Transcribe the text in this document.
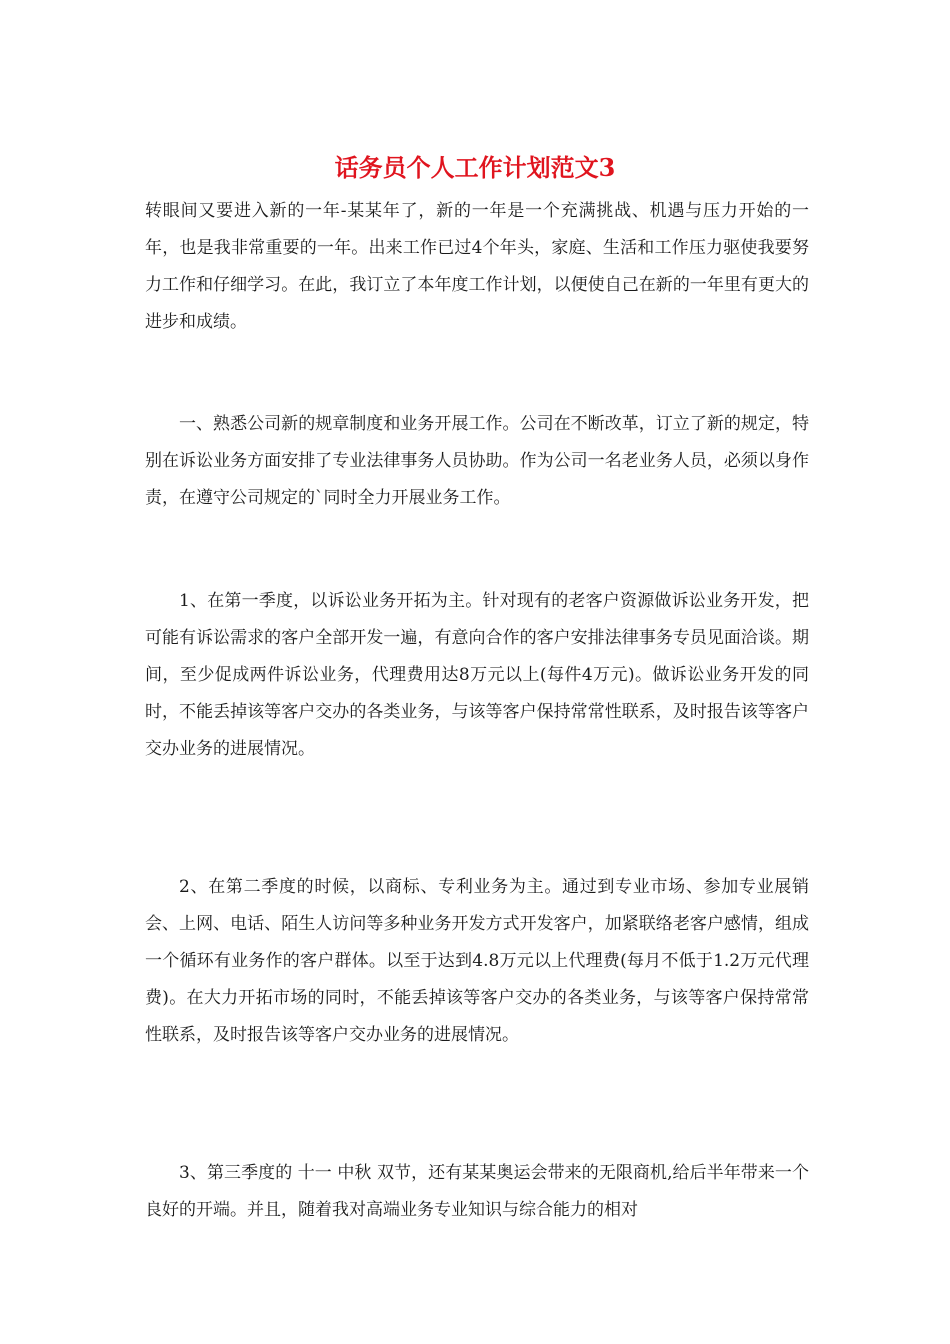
话务员个人工作计划范文3

转眼间又要进入新的一年-某某年了，新的一年是一个充满挑战、机遇与压力开始的一年，也是我非常重要的一年。出来工作已过4个年头，家庭、生活和工作压力驱使我要努力工作和仔细学习。在此，我订立了本年度工作计划，以便使自己在新的一年里有更大的进步和成绩。

一、熟悉公司新的规章制度和业务开展工作。公司在不断改革，订立了新的规定，特别在诉讼业务方面安排了专业法律事务人员协助。作为公司一名老业务人员，必须以身作责，在遵守公司规定的`同时全力开展业务工作。

1、在第一季度，以诉讼业务开拓为主。针对现有的老客户资源做诉讼业务开发，把可能有诉讼需求的客户全部开发一遍，有意向合作的客户安排法律事务专员见面洽谈。期间，至少促成两件诉讼业务，代理费用达8万元以上(每件4万元)。做诉讼业务开发的同时，不能丢掉该等客户交办的各类业务，与该等客户保持常常性联系，及时报告该等客户交办业务的进展情况。

2、在第二季度的时候，以商标、专利业务为主。通过到专业市场、参加专业展销会、上网、电话、陌生人访问等多种业务开发方式开发客户，加紧联络老客户感情，组成一个循环有业务作的客户群体。以至于达到4.8万元以上代理费(每月不低于1.2万元代理费)。在大力开拓市场的同时，不能丢掉该等客户交办的各类业务，与该等客户保持常常性联系，及时报告该等客户交办业务的进展情况。

3、第三季度的 十一 中秋 双节，还有某某奥运会带来的无限商机,给后半年带来一个良好的开端。并且，随着我对高端业务专业知识与综合能力的相对
